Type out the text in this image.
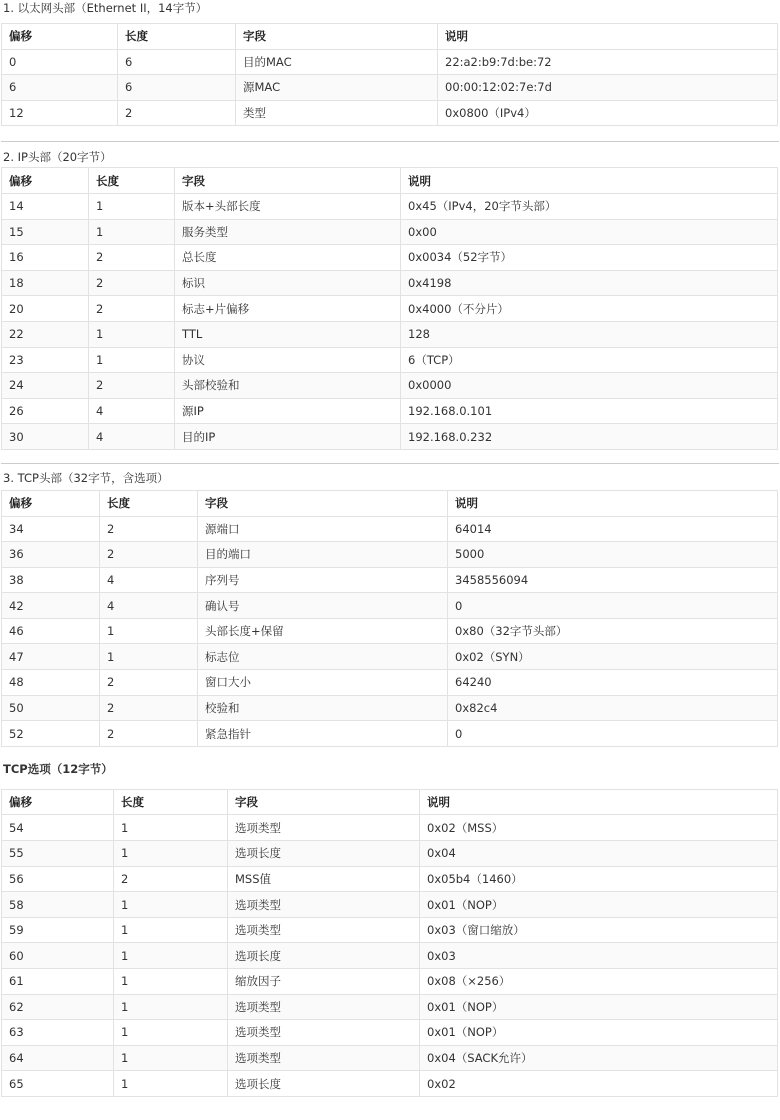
1. 以太网头部（Ethernet II，14字节）
偏移	长度	字段	说明
0	6	目的MAC	22:a2:b9:7d:be:72
6	6	源MAC	00:00:12:02:7e:7d
12	2	类型	0x0800（IPv4）
2. IP头部（20字节）
偏移	长度	字段	说明
14	1	版本+头部长度	0x45（IPv4，20字节头部）
15	1	服务类型	0x00
16	2	总长度	0x0034（52字节）
18	2	标识	0x4198
20	2	标志+片偏移	0x4000（不分片）
22	1	TTL	128
23	1	协议	6（TCP）
24	2	头部校验和	0x0000
26	4	源IP	192.168.0.101
30	4	目的IP	192.168.0.232
3. TCP头部（32字节，含选项）
偏移	长度	字段	说明
34	2	源端口	64014
36	2	目的端口	5000
38	4	序列号	3458556094
42	4	确认号	0
46	1	头部长度+保留	0x80（32字节头部）
47	1	标志位	0x02（SYN）
48	2	窗口大小	64240
50	2	校验和	0x82c4
52	2	紧急指针	0
TCP选项（12字节）
偏移	长度	字段	说明
54	1	选项类型	0x02（MSS）
55	1	选项长度	0x04
56	2	MSS值	0x05b4（1460）
58	1	选项类型	0x01（NOP）
59	1	选项类型	0x03（窗口缩放）
60	1	选项长度	0x03
61	1	缩放因子	0x08（×256）
62	1	选项类型	0x01（NOP）
63	1	选项类型	0x01（NOP）
64	1	选项类型	0x04（SACK允许）
65	1	选项长度	0x02
